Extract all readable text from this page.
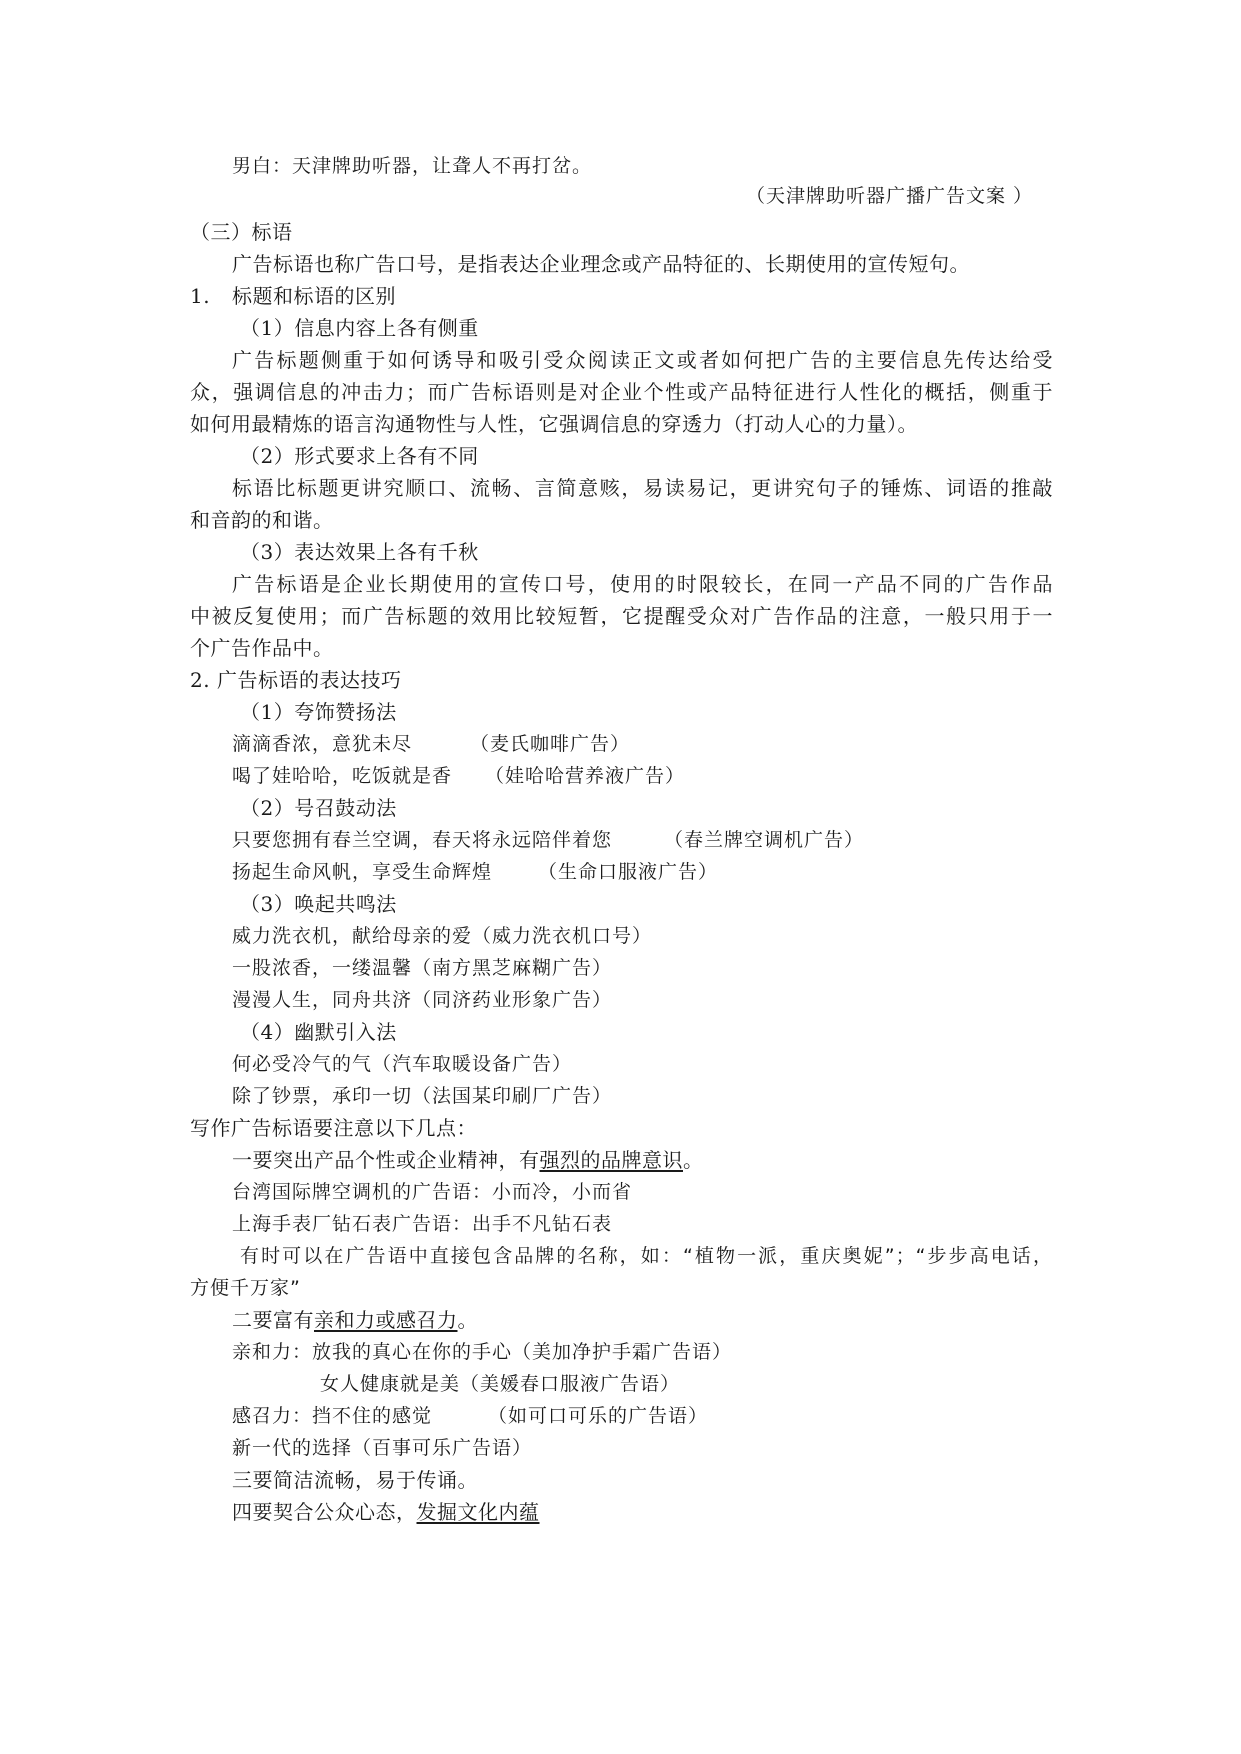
男白：天津牌助听器，让聋人不再打岔。
（天津牌助听器广播广告文案 ）
（三）标语
广告标语也称广告口号，是指表达企业理念或产品特征的、长期使用的宣传短句。
1. 标题和标语的区别
（1）信息内容上各有侧重
广告标题侧重于如何诱导和吸引受众阅读正文或者如何把广告的主要信息先传达给受
众，强调信息的冲击力；而广告标语则是对企业个性或产品特征进行人性化的概括，侧重于
如何用最精炼的语言沟通物性与人性，它强调信息的穿透力（打动人心的力量）。
（2）形式要求上各有不同
标语比标题更讲究顺口、流畅、言简意赅，易读易记，更讲究句子的锤炼、词语的推敲
和音韵的和谐。
（3）表达效果上各有千秋
广告标语是企业长期使用的宣传口号，使用的时限较长，在同一产品不同的广告作品
中被反复使用；而广告标题的效用比较短暂，它提醒受众对广告作品的注意，一般只用于一
个广告作品中。
2. 广告标语的表达技巧
（1）夸饰赞扬法
滴滴香浓，意犹未尽	（麦氏咖啡广告）
喝了娃哈哈，吃饭就是香 （娃哈哈营养液广告）
（2）号召鼓动法
只要您拥有春兰空调，春天将永远陪伴着您	（春兰牌空调机广告）
扬起生命风帆，享受生命辉煌 （生命口服液广告）
（3）唤起共鸣法
威力洗衣机，献给母亲的爱（威力洗衣机口号）
一股浓香，一缕温馨（南方黑芝麻糊广告）
漫漫人生，同舟共济（同济药业形象广告）
（4）幽默引入法
何必受冷气的气（汽车取暖设备广告）
除了钞票，承印一切（法国某印刷厂广告）
写作广告标语要注意以下几点：
一要突出产品个性或企业精神，有强烈的品牌意识。
台湾国际牌空调机的广告语：小而冷，小而省
上海手表厂钻石表广告语：出手不凡钻石表
有时可以在广告语中直接包含品牌的名称，如：“植物一派，重庆奥妮”；“步步高电话，
方便千万家”
二要富有亲和力或感召力。
亲和力：放我的真心在你的手心（美加净护手霜广告语）
女人健康就是美（美媛春口服液广告语）
感召力：挡不住的感觉	（如可口可乐的广告语）
新一代的选择（百事可乐广告语）
三要简洁流畅，易于传诵。
四要契合公众心态，发掘文化内蕴
